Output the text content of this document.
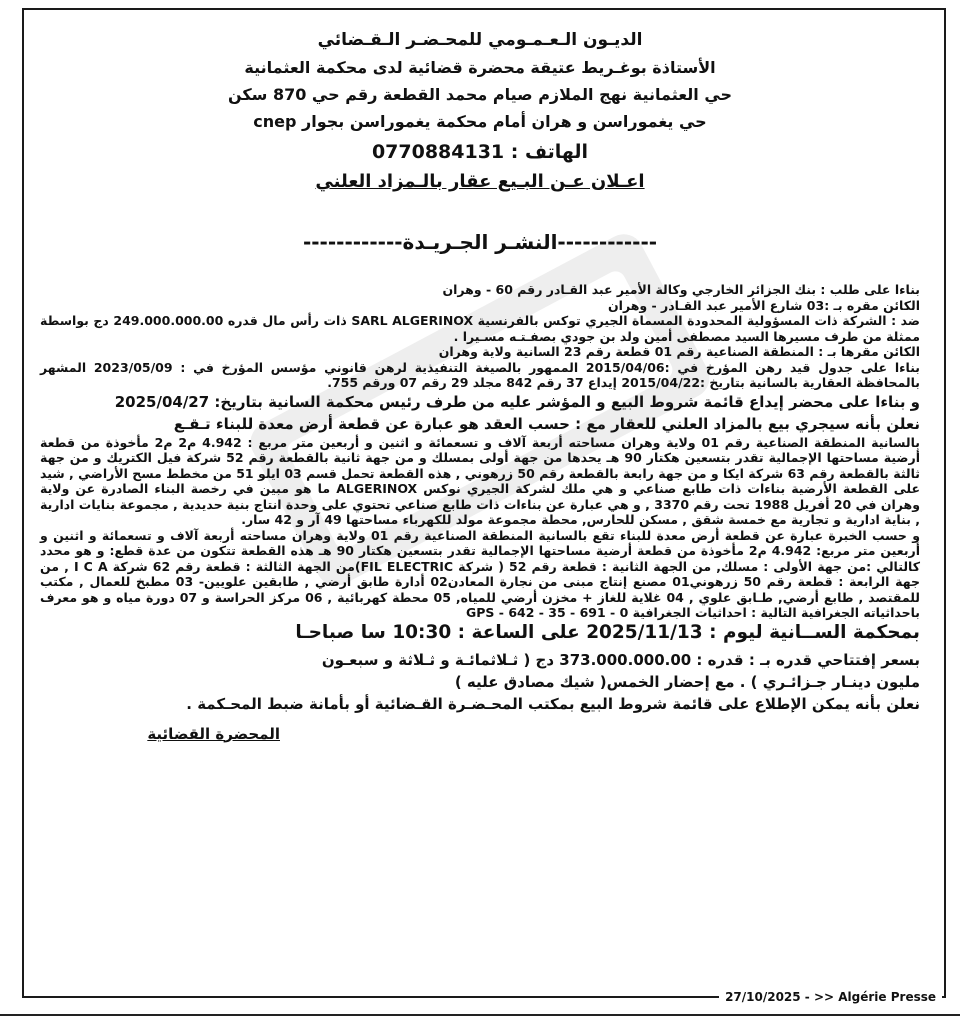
الديـون الـعـمـومي للمحـضـر الـقـضائي

الأستاذة بوغـريط عتيقة محضرة قضائية لدى محكمة العثمانية

حي العثمانية نهج الملازم صيام محمد القطعة رقم حي 870 سكن

حي يغموراسن و هران أمام محكمة يغموراسن بجوار cnep

الهاتف : 0770884131

اعـلان عـن البـيع عقار بالـمزاد العلني

------------النشـر الجـريـدة------------

بناءا على طلب : بنك الجزائر الخارجي وكالة الأمير عبد القـادر رقم 60 - وهران

الكائن مقره بـ :03 شارع الأمير عبد القـادر - وهران

ضد : الشركة ذات المسؤولية المحدودة المسماة الجيري توكس بالفرنسية SARL ALGERINOX ذات رأس مال قدره 249.000.000.00 دج بواسطة ممثلة من طرف مسيرها السيد مصطفى أمين ولد بن جودي بصفـتـه مسـيرا .

الكائن مقرها بـ : المنطقة الصناعية رقم 01 قطعة رقم 23 السانية ولاية وهران

بناءا على جدول قيد رهن المؤرخ في :2015/04/06 الممهور بالصيغة التنفيذية لرهن قانوني مؤسس المؤرخ في : 2023/05/09 المشهر بالمحافظة العقارية بالسانية بتاريخ :2015/04/22 إيداع 37 رقم 842 مجلد 29 رقم 07 ورقم 755.

و بناءا على محضر إيداع قائمة شروط البيع و المؤشر عليه من طرف رئيس محكمة السانية بتاريخ: 2025/04/27

نعلن بأنه سيجري بيع بالمزاد العلني للعقار مع : حسب العقد هو عبارة عن قطعة أرض معدة للبناء تـقـع

بالسانية المنطقة الصناعية رقم 01 ولاية وهران مساحته أربعة آلاف و تسعمائة و اثنين و أربعين متر مربع : 4.942 م2 م2 مأخوذة من قطعة أرضية مساحتها الإجمالية تقدر بتسعين هكتار 90 هـ يحدها من جهة أولى بمسلك و من جهة ثانية بالقطعة رقم 52 شركة فيل الكتريك و من جهة ثالثة بالقطعة رقم 63 شركة ايكا و من جهة رابعة بالقطعة رقم 50 زرهوني , هذه القطعة تحمل قسم 03 ايلو 51 من مخطط مسح الأراضي , شيد على القطعة الأرضية بناءات ذات طابع صناعي و هي ملك لشركة الجيري نوكس ALGERINOX ما هو مبين في رخصة البناء الصادرة عن ولاية وهران في 20 أفريل 1988 تحت رقم 3370 , و هي عبارة عن بناءات ذات طابع صناعي تحتوي على وحدة انتاج بنية حديدية , مجموعة بنايات ادارية , بناية ادارية و تجارية مع خمسة شقق , مسكن للحارس, محطة مجموعة مولد للكهرباء مساحتها 49 آر و 42 سار.

و حسب الخبرة عبارة عن قطعة أرض معدة للبناء تقع بالسانية المنطقة الصناعية رقم 01 ولاية وهران مساحته أربعة آلاف و تسعمائة و اثنين و أربعين متر مربع: 4.942 م2 مأخوذة من قطعة أرضية مساحتها الإجمالية تقدر بتسعين هكتار 90 هـ هذه القطعة تتكون من عدة قطع: و هو محدد كالتالي :من جهة الأولى : مسلك, من الجهة الثانية : قطعة رقم 52 ( شركة FIL ELECTRIC)من الجهة الثالثة : قطعة رقم 62 شركة I C A , من جهة الرابعة : قطعة رقم 50 زرهوني01 مصنع إنتاج مبنى من نجارة المعادن02 أدارة طابق أرضي , طابقين علويين- 03 مطبخ للعمال , مكتب للمقتصد , طابع أرضي, طـابق علوي , 04 غلاية للغاز + مخزن أرضي للمياه, 05 محطة كهربائية , 06 مركز الحراسة و 07 دورة مياه و هو معرف باحداثياته الجغرافية التالية : احداثيات الجغرافية GPS - 642 - 35 - 691 - 0

بمحكمة الســانية ليوم : 2025/11/13 على الساعة : 10:30 سا صباحـا

بسعر إفتتاحي قدره بـ : قدره : 373.000.000.00 دج ( ثـلاثمائـة و ثـلاثة و سبعـون

مليون دينـار جـزائـري ) . مع إحضار الخمس( شيك مصادق عليه )

نعلن بأنه يمكن الإطلاع على قائمة شروط البيع بمكتب المحـضـرة القـضائية أو بأمانة ضبط المحـكمة .

المحضرة القضائية

27/10/2025 - >> Algérie Presse
